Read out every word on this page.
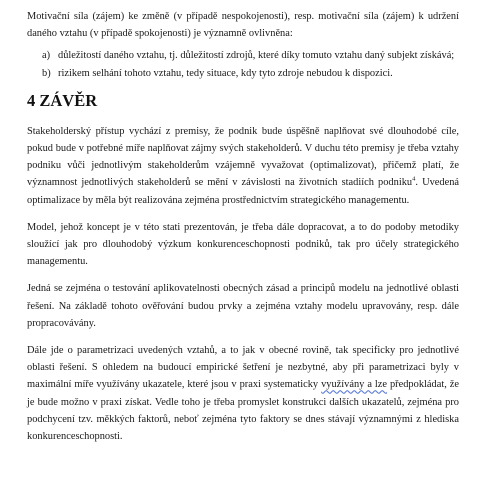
Motivační síla (zájem) ke změně (v případě nespokojenosti), resp. motivační síla (zájem) k udržení daného vztahu (v případě spokojenosti) je významně ovlivněna:

a) důležitostí daného vztahu, tj. důležitostí zdrojů, které díky tomuto vztahu daný subjekt získává;
b) rizikem selhání tohoto vztahu, tedy situace, kdy tyto zdroje nebudou k dispozici.
4 ZÁVĚR

Stakeholderský přístup vychází z premisy, že podnik bude úspěšně naplňovat své dlouhodobé cíle, pokud bude v potřebné míře naplňovat zájmy svých stakeholderů. V duchu této premisy je třeba vztahy podniku vůči jednotlivým stakeholderům vzájemně vyvažovat (optimalizovat), přičemž platí, že významnost jednotlivých stakeholderů se mění v závislosti na životních stadiích podniku$^4$. Uvedená optimalizace by měla být realizována zejména prostřednictvím strategického managementu.

Model, jehož koncept je v této stati prezentován, je třeba dále dopracovat, a to do podoby metodiky sloužící jak pro dlouhodobý výzkum konkurenceschopnosti podniků, tak pro účely strategického managementu.

Jedná se zejména o testování aplikovatelnosti obecných zásad a principů modelu na jednotlivé oblasti řešení. Na základě tohoto ověřování budou prvky a zejména vztahy modelu upravovány, resp. dále propracovávány.

Dále jde o parametrizaci uvedených vztahů, a to jak v obecné rovině, tak specificky pro jednotlivé oblasti řešení. S ohledem na budoucí empirické šetření je nezbytné, aby při parametrizaci byly v maximální míře využívány ukazatele, které jsou v praxi systematicky využívány a lze předpokládat, že je bude možno v praxi získat. Vedle toho je třeba promyslet konstrukci dalších ukazatelů, zejména pro podchycení tzv. měkkých faktorů, neboť zejména tyto faktory se dnes stávají významnými z hlediska konkurenceschopnosti.
